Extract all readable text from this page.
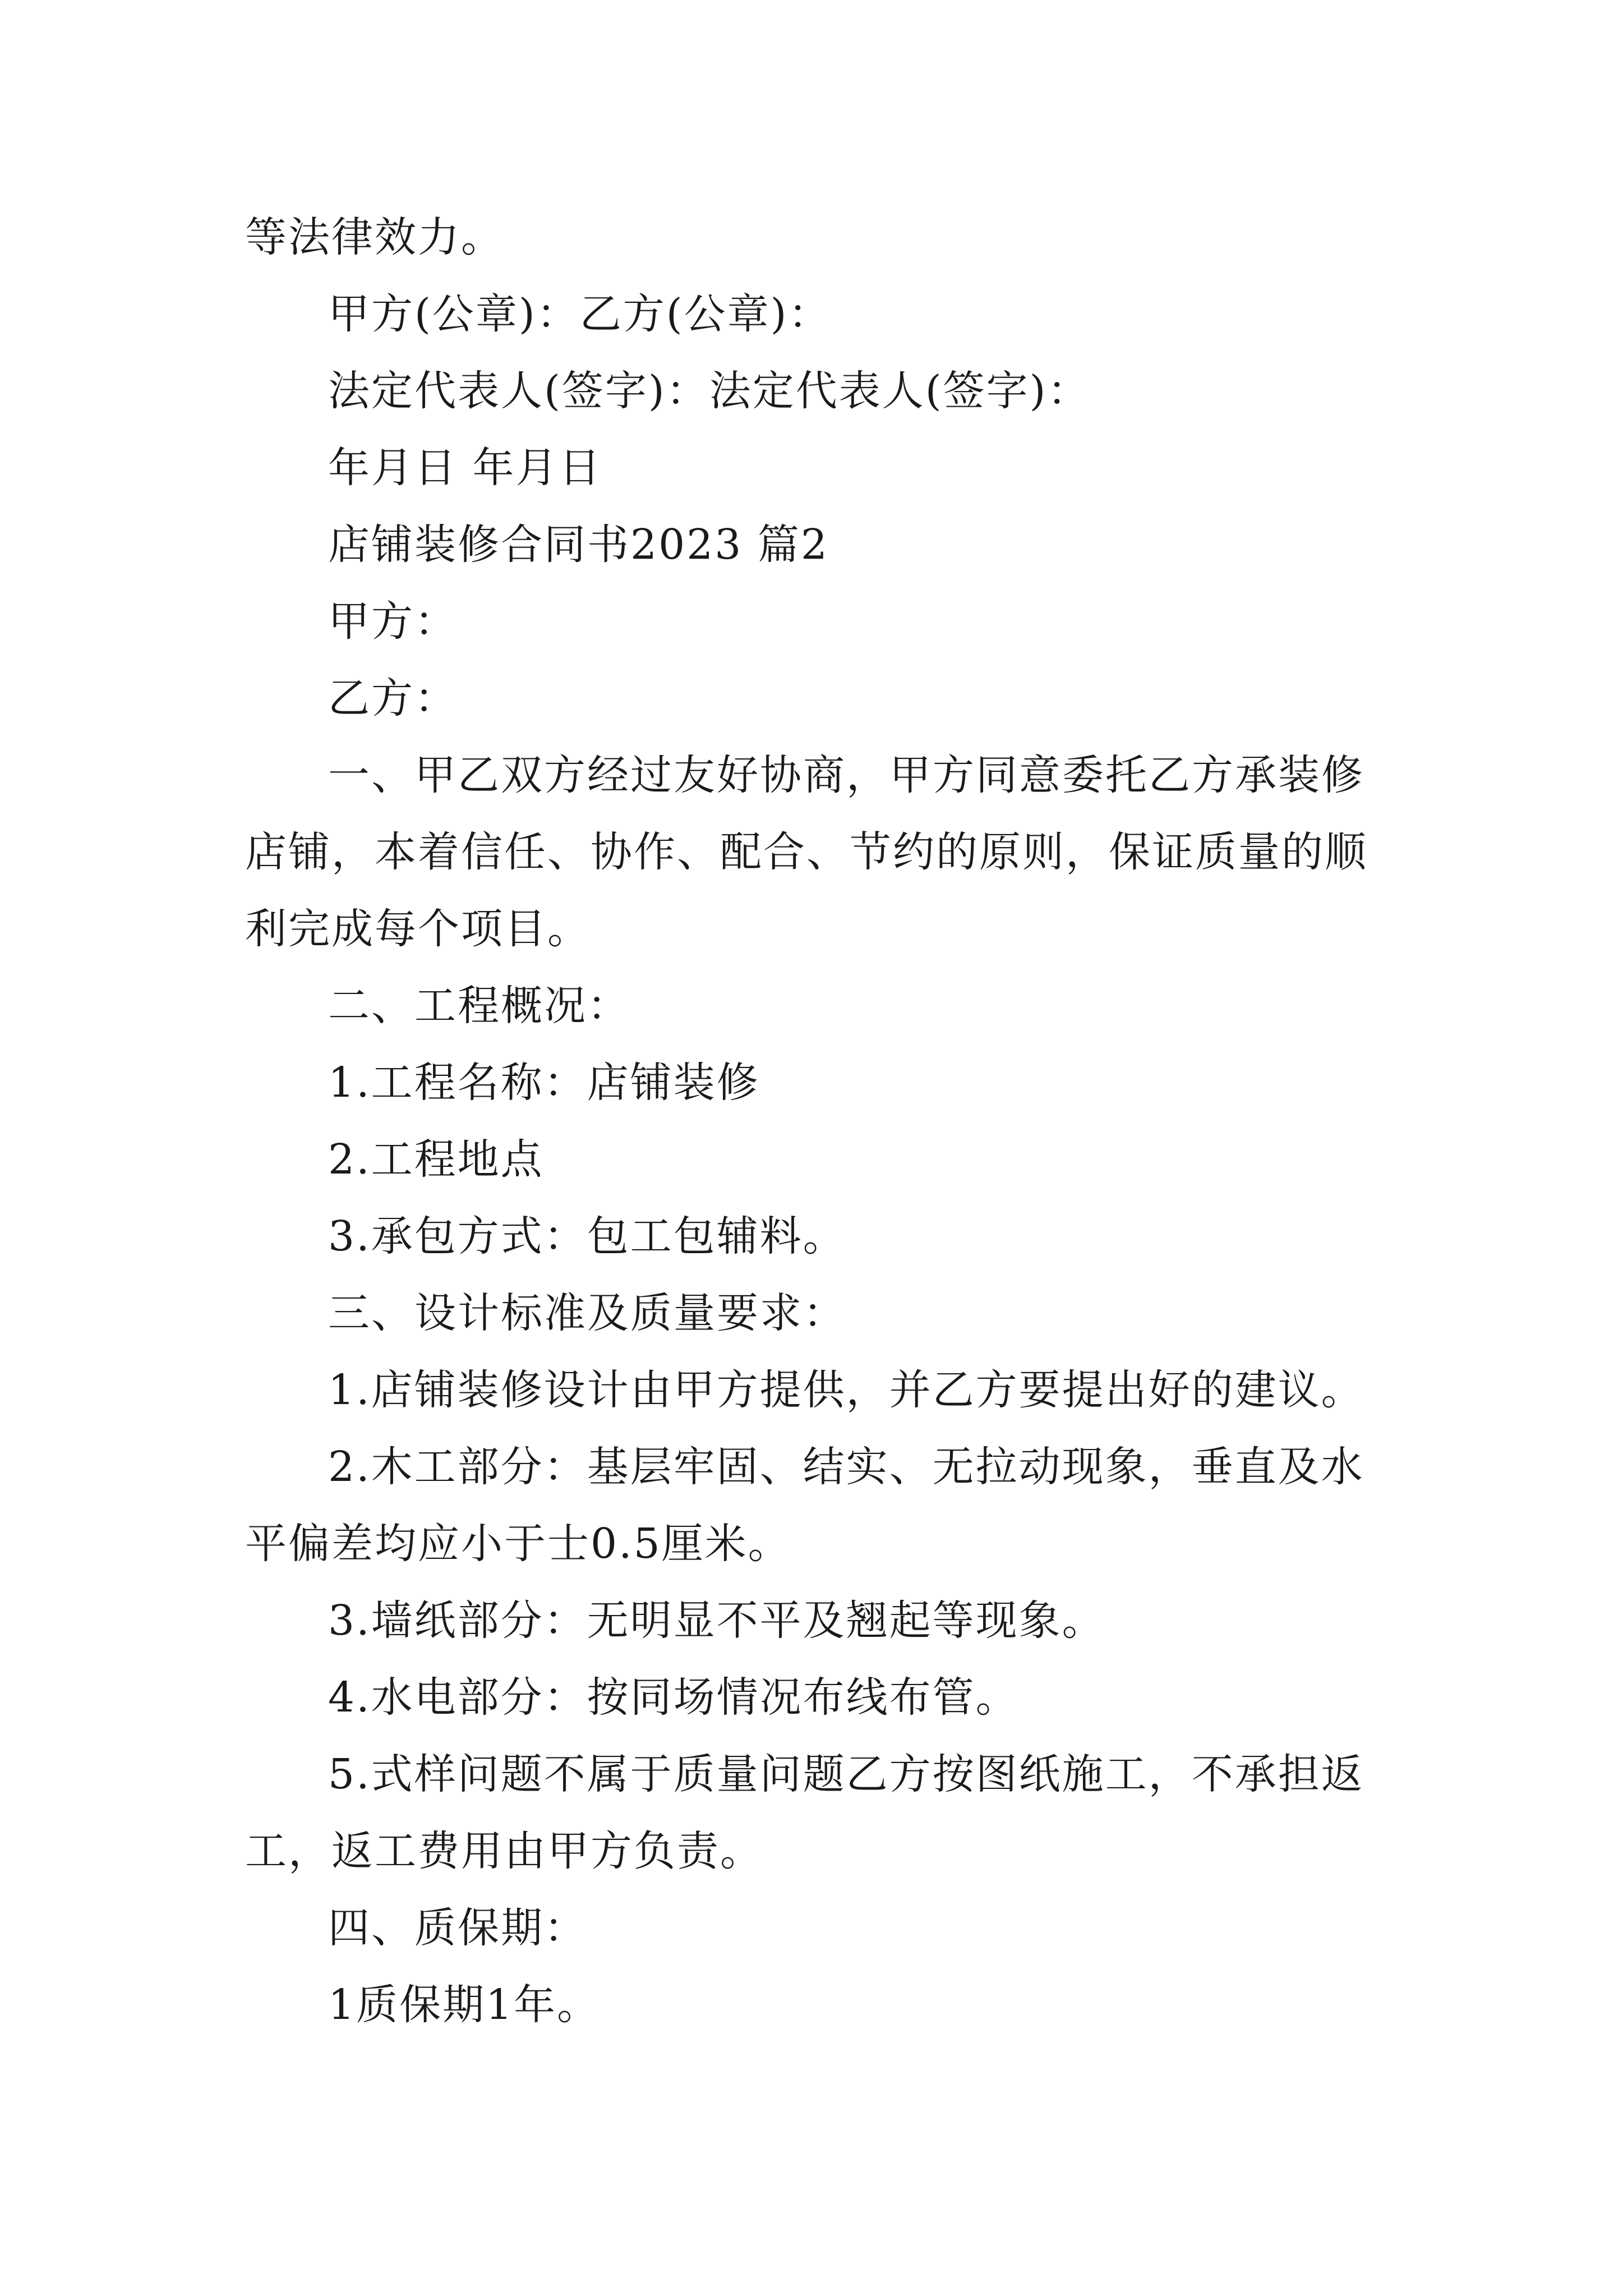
等法律效力。

甲方(公章)：乙方(公章)：

法定代表人(签字)：法定代表人(签字)：

年月日 年月日

店铺装修合同书2023 篇2

甲方：

乙方：

一、甲乙双方经过友好协商，甲方同意委托乙方承装修店铺，本着信任、协作、配合、节约的原则，保证质量的顺利完成每个项目。

二、工程概况：

1.工程名称：店铺装修

2.工程地点

3.承包方式：包工包辅料。

三、设计标准及质量要求：

1.店铺装修设计由甲方提供，并乙方要提出好的建议。

2.木工部分：基层牢固、结实、无拉动现象，垂直及水平偏差均应小于士0.5厘米。

3.墙纸部分：无明显不平及翘起等现象。

4.水电部分：按同场情况布线布管。

5.式样问题不属于质量问题乙方按图纸施工，不承担返工，返工费用由甲方负责。

四、质保期：

1质保期1年。
